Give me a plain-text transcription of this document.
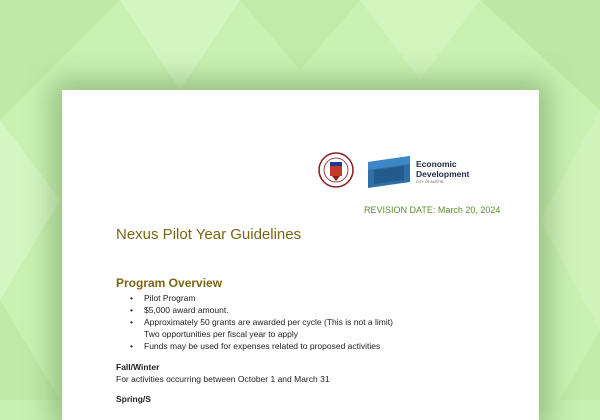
Economic
Development
CITY OF AUSTIN
REVISION DATE: March 20, 2024
Nexus Pilot Year Guidelines
Program Overview
• Pilot Program
• $5,000 award amount.
• Approximately 50 grants are awarded per cycle (This is not a limit)
Two opportunities per fiscal year to apply
• Funds may be used for expenses related to proposed activities
Fall/Winter
For activities occurring between October 1 and March 31
Spring/S
